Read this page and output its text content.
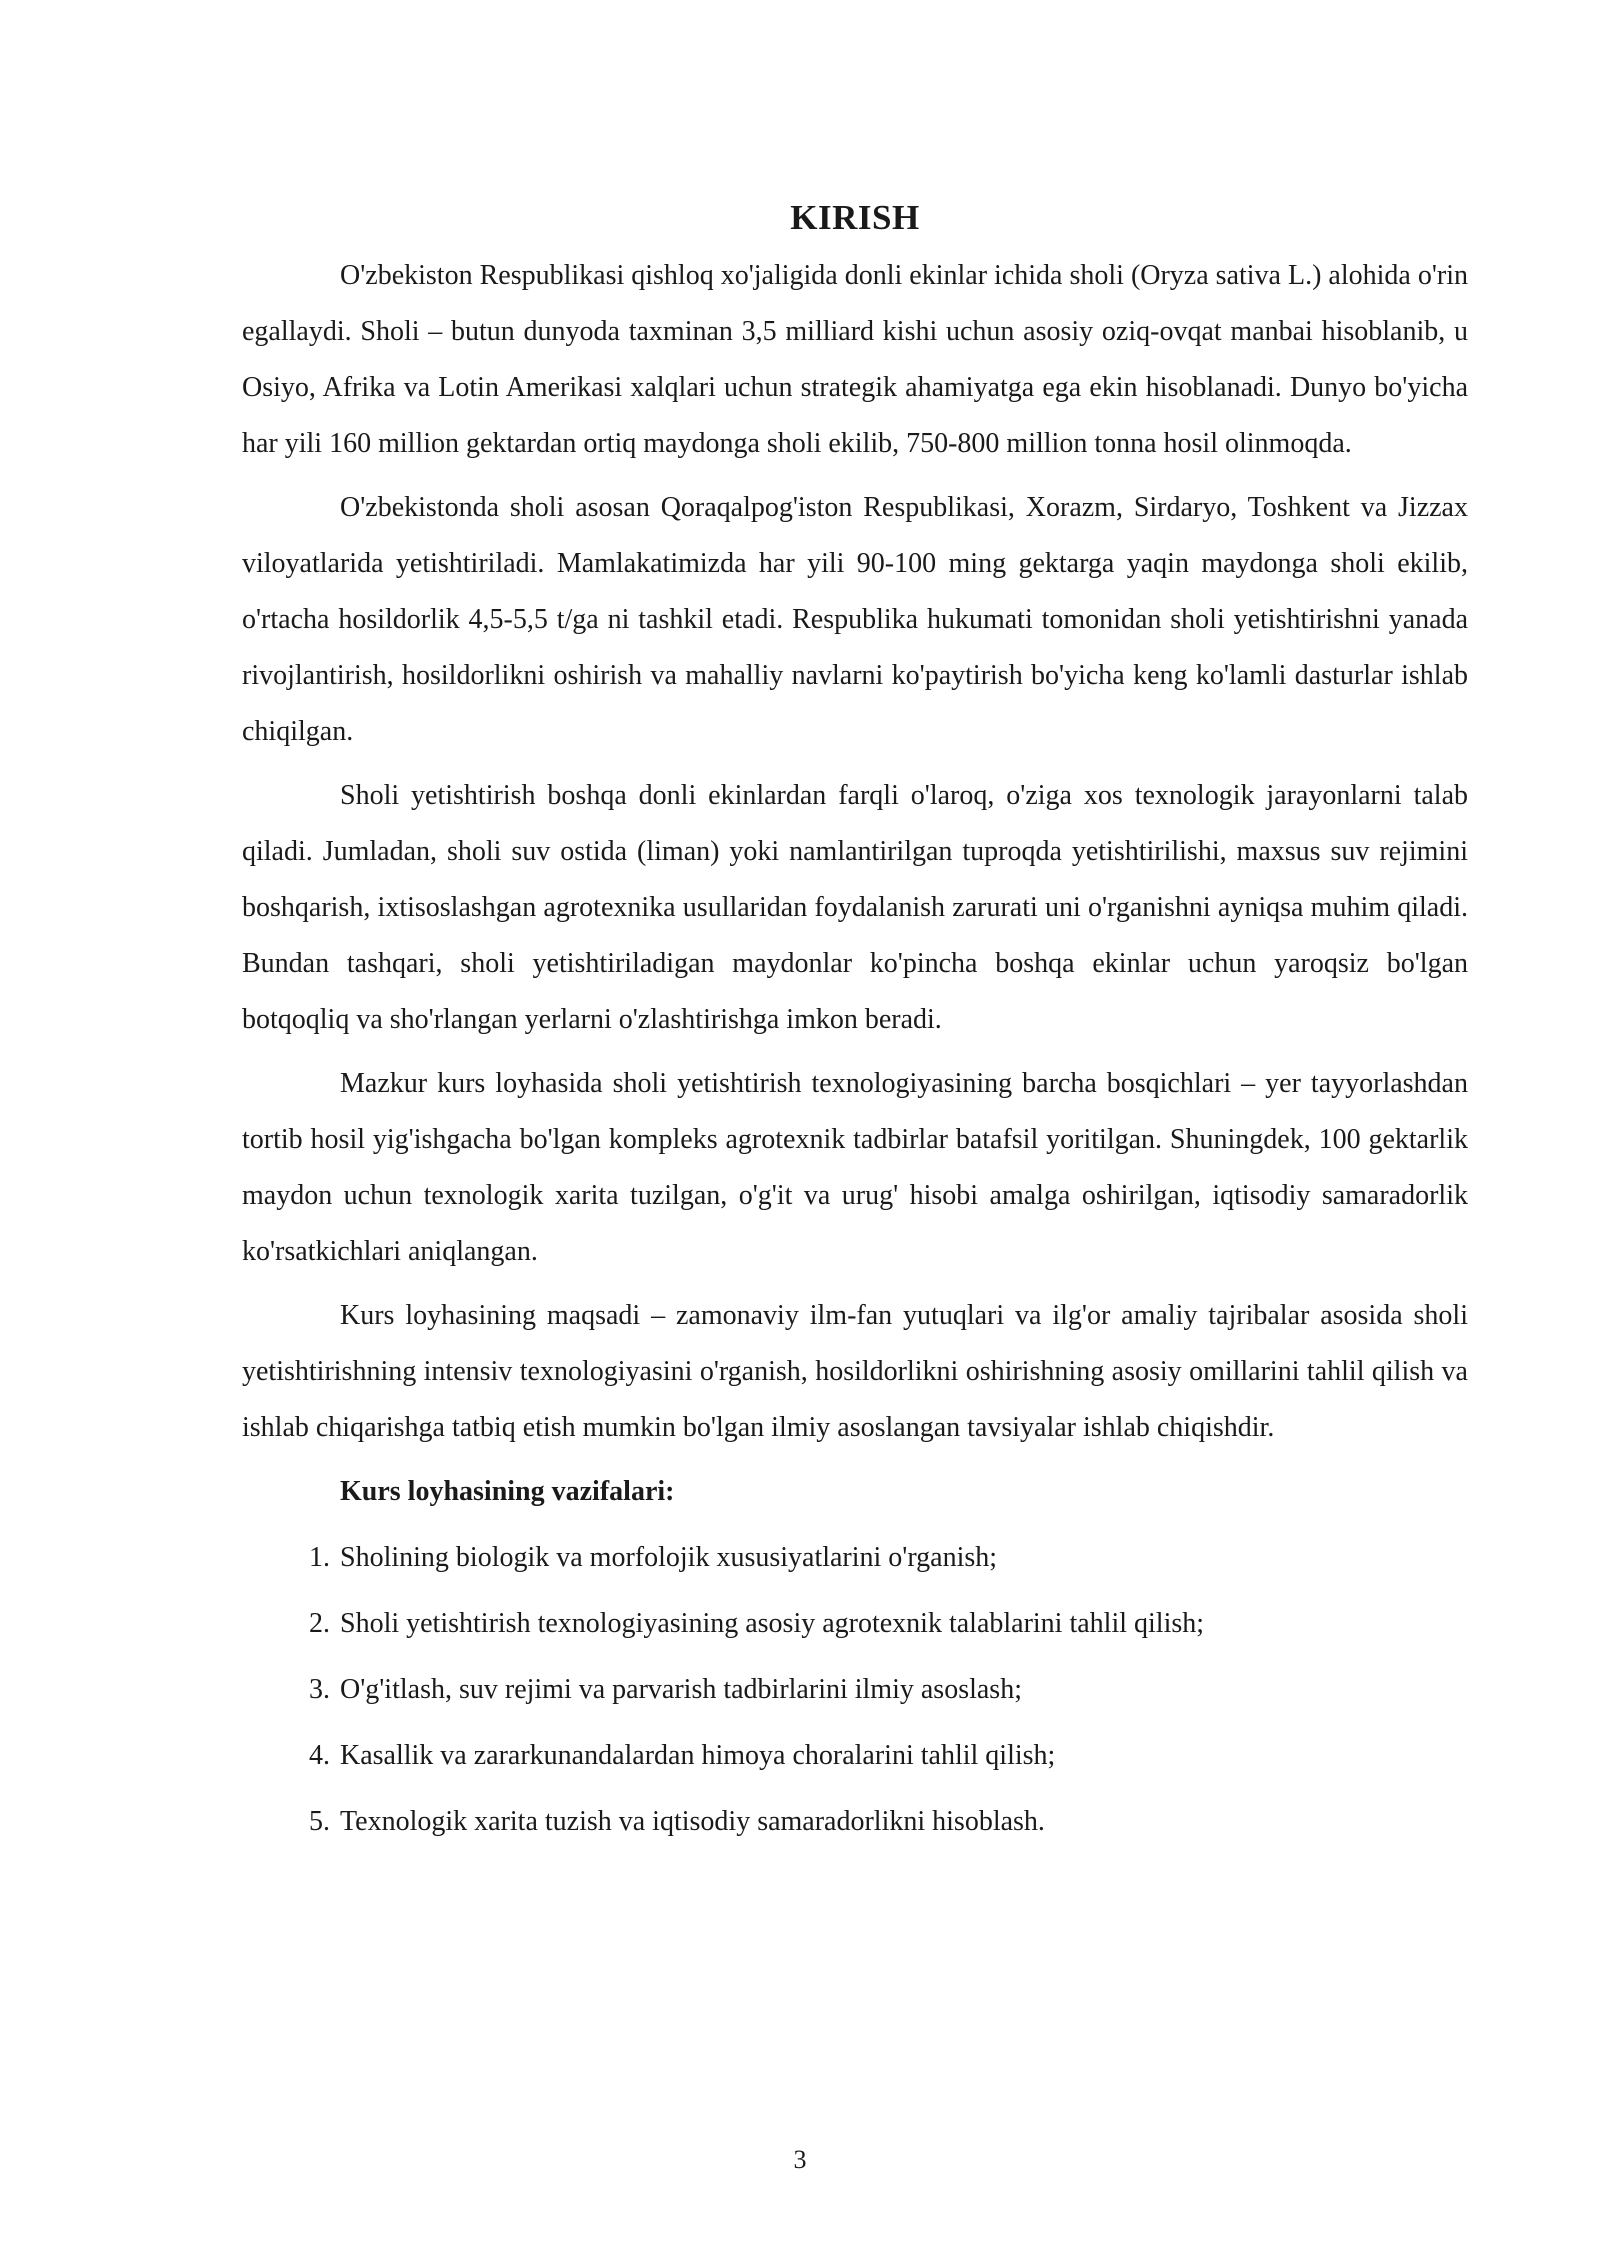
KIRISH

O'zbekiston Respublikasi qishloq xo'jaligida donli ekinlar ichida sholi (Oryza sativa L.) alohida o'rin egallaydi. Sholi – butun dunyoda taxminan 3,5 milliard kishi uchun asosiy oziq-ovqat manbai hisoblanib, u Osiyo, Afrika va Lotin Amerikasi xalqlari uchun strategik ahamiyatga ega ekin hisoblanadi. Dunyo bo'yicha har yili 160 million gektardan ortiq maydonga sholi ekilib, 750-800 million tonna hosil olinmoqda.

O'zbekistonda sholi asosan Qoraqalpog'iston Respublikasi, Xorazm, Sirdaryo, Toshkent va Jizzax viloyatlarida yetishtiriladi. Mamlakatimizda har yili 90-100 ming gektarga yaqin maydonga sholi ekilib, o'rtacha hosildorlik 4,5-5,5 t/ga ni tashkil etadi. Respublika hukumati tomonidan sholi yetishtirishni yanada rivojlantirish, hosildorlikni oshirish va mahalliy navlarni ko'paytirish bo'yicha keng ko'lamli dasturlar ishlab chiqilgan.

Sholi yetishtirish boshqa donli ekinlardan farqli o'laroq, o'ziga xos texnologik jarayonlarni talab qiladi. Jumladan, sholi suv ostida (liman) yoki namlantirilgan tuproqda yetishtirilishi, maxsus suv rejimini boshqarish, ixtisoslashgan agrotexnika usullaridan foydalanish zarurati uni o'rganishni ayniqsa muhim qiladi. Bundan tashqari, sholi yetishtiriladigan maydonlar ko'pincha boshqa ekinlar uchun yaroqsiz bo'lgan botqoqliq va sho'rlangan yerlarni o'zlashtirishga imkon beradi.

Mazkur kurs loyhasida sholi yetishtirish texnologiyasining barcha bosqichlari – yer tayyorlashdan tortib hosil yig'ishgacha bo'lgan kompleks agrotexnik tadbirlar batafsil yoritilgan. Shuningdek, 100 gektarlik maydon uchun texnologik xarita tuzilgan, o'g'it va urug' hisobi amalga oshirilgan, iqtisodiy samaradorlik ko'rsatkichlari aniqlangan.

Kurs loyhasining maqsadi – zamonaviy ilm-fan yutuqlari va ilg'or amaliy tajribalar asosida sholi yetishtirishning intensiv texnologiyasini o'rganish, hosildorlikni oshirishning asosiy omillarini tahlil qilish va ishlab chiqarishga tatbiq etish mumkin bo'lgan ilmiy asoslangan tavsiyalar ishlab chiqishdir.

Kurs loyhasining vazifalari:

1. Sholining biologik va morfolojik xususiyatlarini o'rganish;
2. Sholi yetishtirish texnologiyasining asosiy agrotexnik talablarini tahlil qilish;
3. O'g'itlash, suv rejimi va parvarish tadbirlarini ilmiy asoslash;
4. Kasallik va zararkunandalardan himoya choralarini tahlil qilish;
5. Texnologik xarita tuzish va iqtisodiy samaradorlikni hisoblash.
3
